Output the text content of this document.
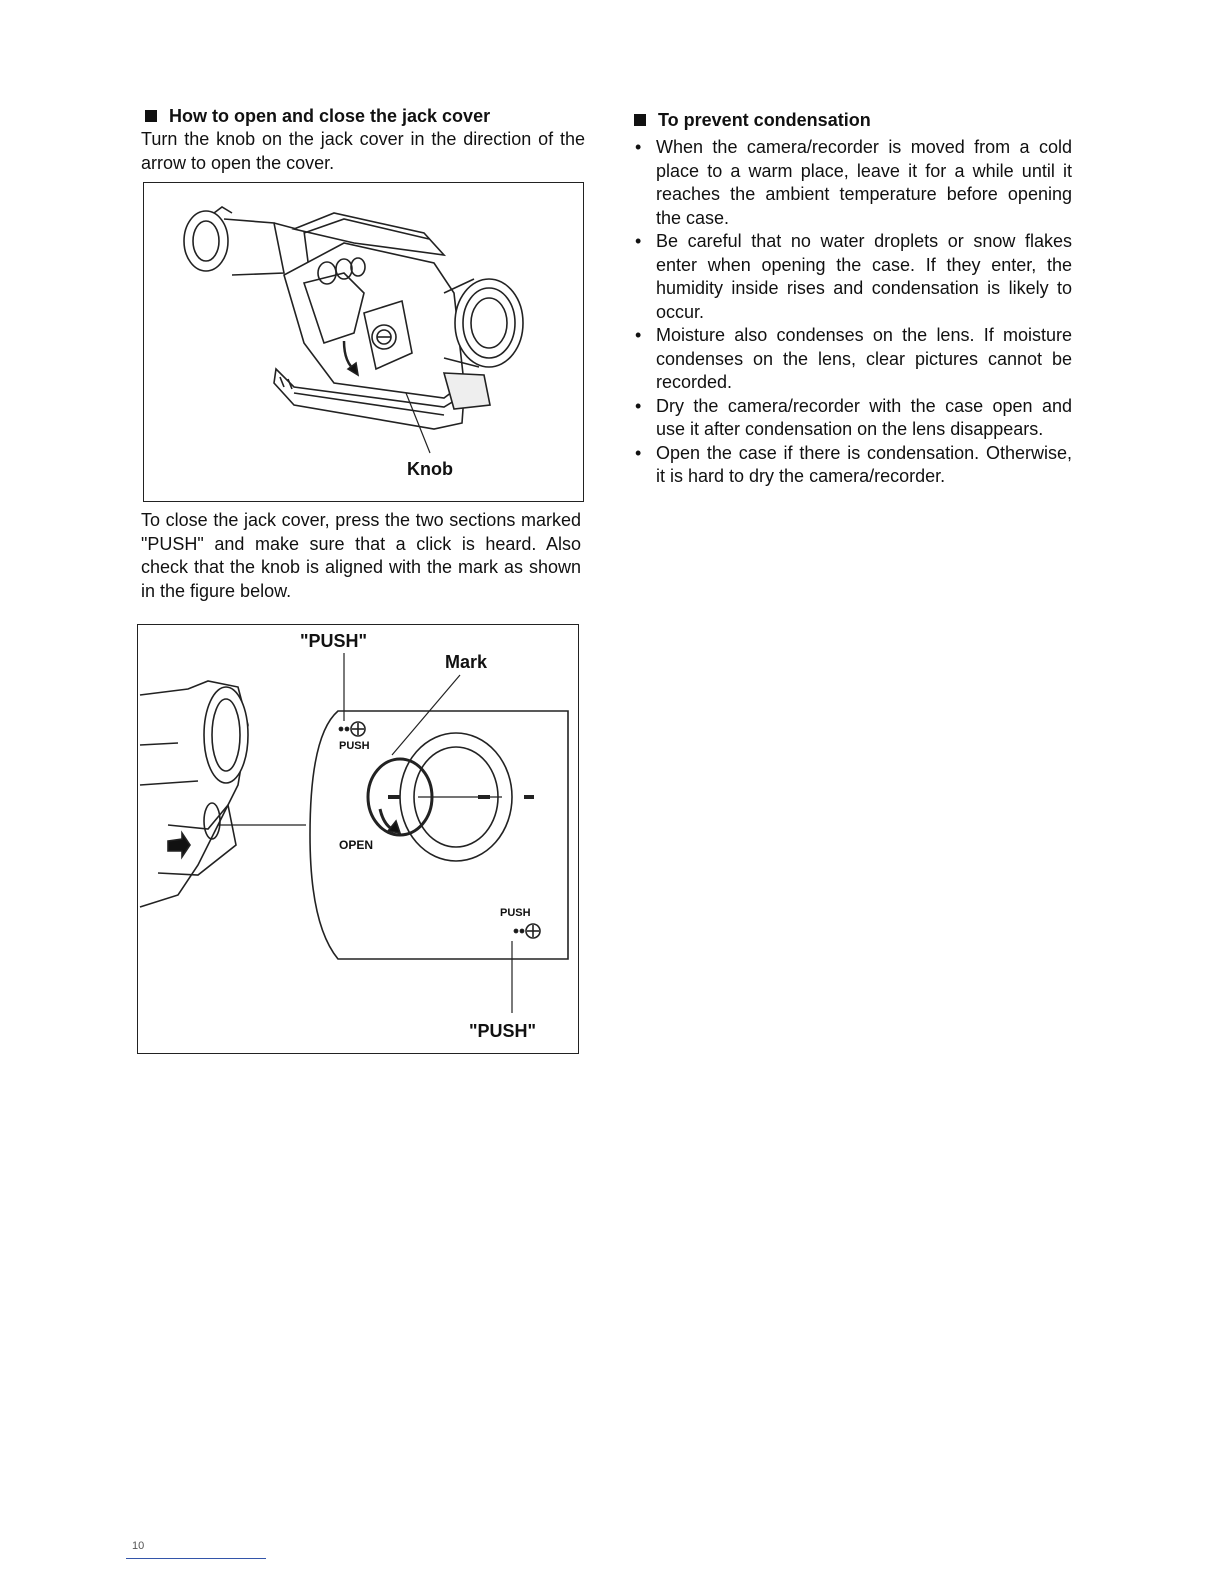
How to open and close the jack cover

Turn the knob on the jack cover in the direction of the arrow to open the cover.

Knob

To close the jack cover, press the two sections marked "PUSH" and make sure that a click is heard. Also check that the knob is aligned with the mark as shown in the figure below.

"PUSH"
Mark
PUSH
OPEN
PUSH
"PUSH"
To prevent condensation
• When the camera/recorder is moved from a cold place to a warm place, leave it for a while until it reaches the ambient temperature before opening the case.
• Be careful that no water droplets or snow flakes enter when opening the case. If they enter, the humidity inside rises and condensation is likely to occur.
• Moisture also condenses on the lens. If moisture condenses on the lens, clear pictures cannot be recorded.
• Dry the camera/recorder with the case open and use it after condensation on the lens disappears.
• Open the case if there is condensation. Otherwise, it is hard to dry the camera/recorder.
10
